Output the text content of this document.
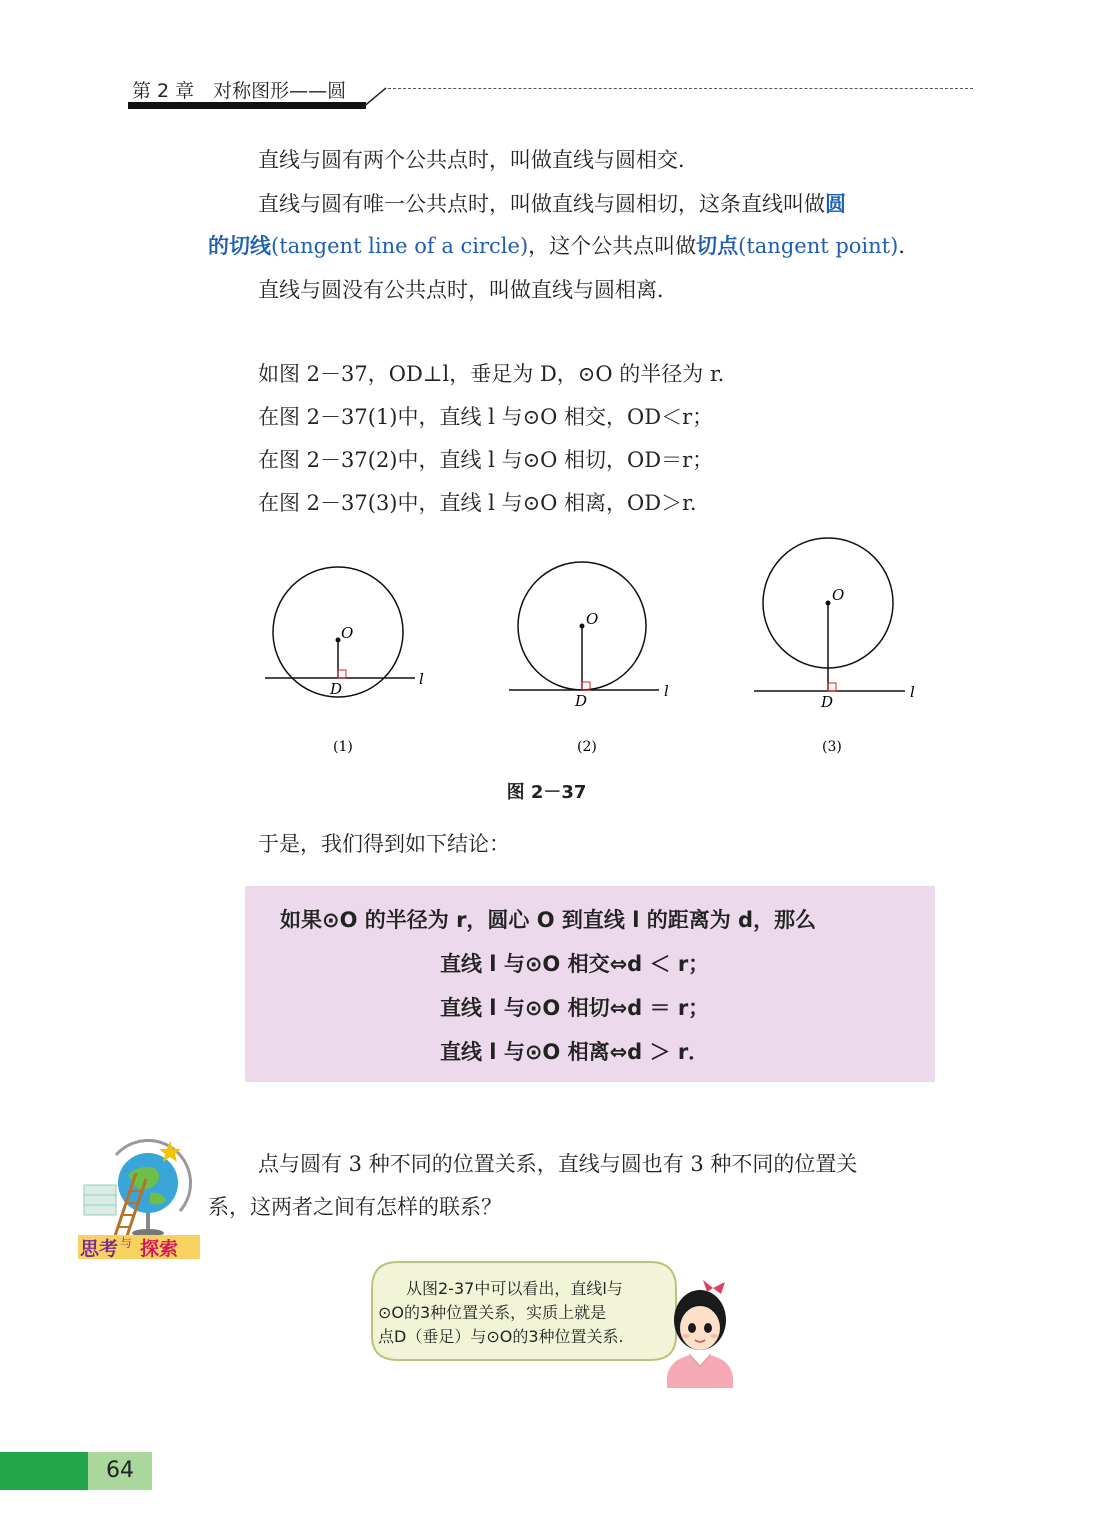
第 2 章　对称图形——圆
直线与圆有两个公共点时，叫做直线与圆相交．
直线与圆有唯一公共点时，叫做直线与圆相切，这条直线叫做圆
的切线(tangent line of a circle)，这个公共点叫做切点(tangent point)．
直线与圆没有公共点时，叫做直线与圆相离．
如图 2－37，OD⊥l，垂足为 D，⊙O 的半径为 r.
在图 2－37(1)中，直线 l 与⊙O 相交，OD＜r；
在图 2－37(2)中，直线 l 与⊙O 相切，OD＝r；
在图 2－37(3)中，直线 l 与⊙O 相离，OD＞r.
O
D
l
(1)
O
D
l
(2)
O
D
l
(3)
图 2－37
于是，我们得到如下结论：
如果⊙O 的半径为 r，圆心 O 到直线 l 的距离为 d，那么
直线 l 与⊙O 相交⇔d ＜ r；
直线 l 与⊙O 相切⇔d ＝ r；
直线 l 与⊙O 相离⇔d ＞ r．
思考 与 探索
点与圆有 3 种不同的位置关系，直线与圆也有 3 种不同的位置关
系，这两者之间有怎样的联系？
从图2-37中可以看出，直线l与
⊙O的3种位置关系，实质上就是
点D（垂足）与⊙O的3种位置关系.
64
